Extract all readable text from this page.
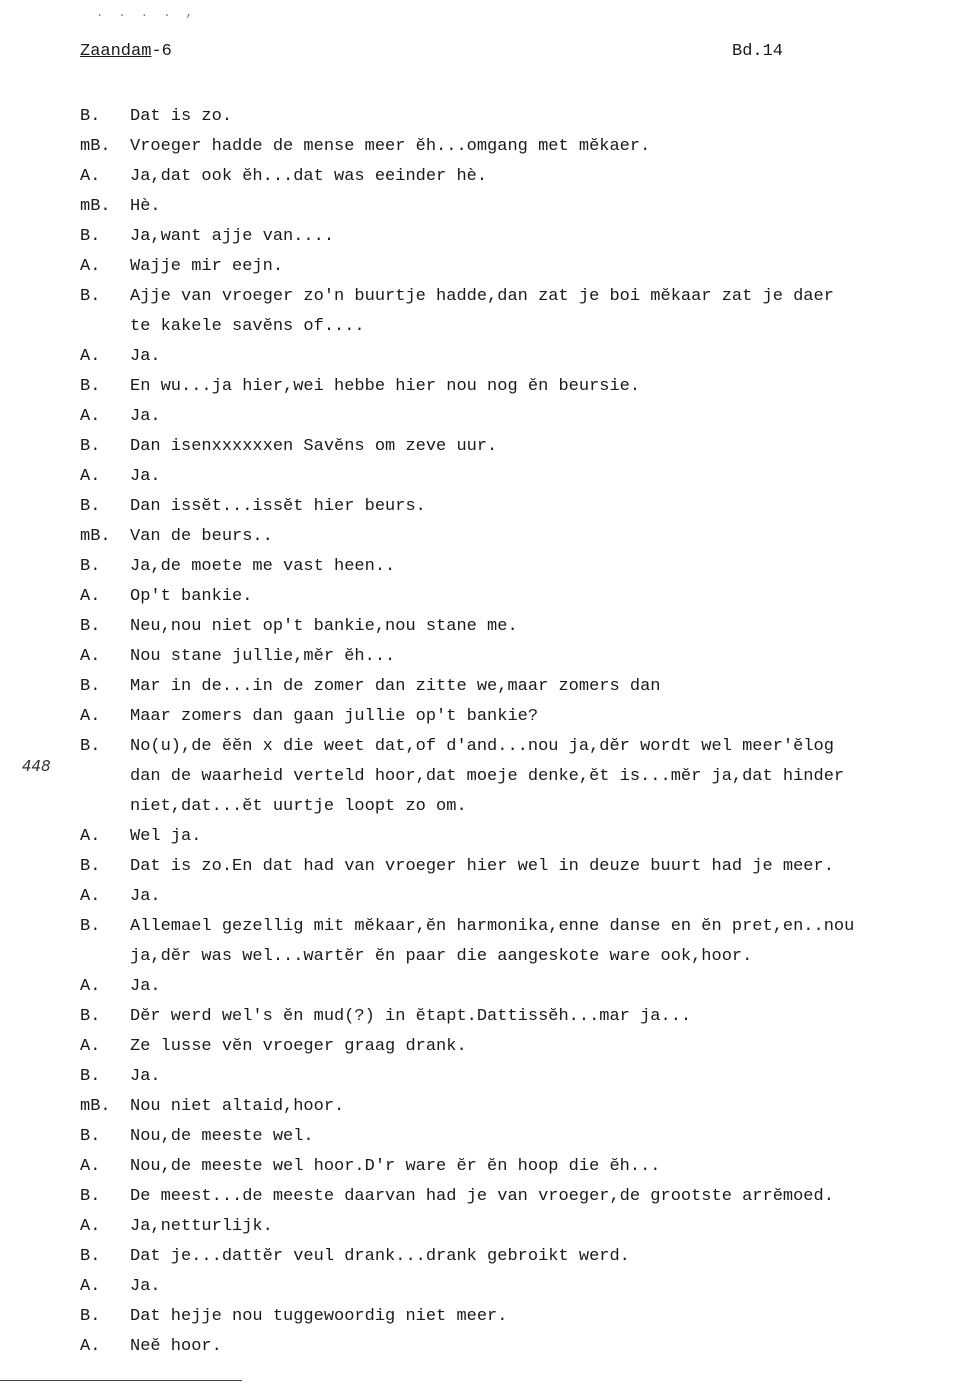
. . . . ,
Zaandam-6	Bd.14
448
B.	Dat is zo.
mB.	Vroeger hadde de mense meer ĕh...omgang met mĕkaer.
A.	Ja,dat ook ĕh...dat was eeinder hè.
mB.	Hè.
B.	Ja,want ajje van....
A.	Wajje mir eejn.
B.	Ajje van vroeger zo'n buurtje hadde,dan zat je boi mĕkaar zat je daer
te kakele savĕns of....
A.	Ja.
B.	En wu...ja hier,wei hebbe hier nou nog ĕn beursie.
A.	Ja.
B.	Dan isenxxxxxxen Savĕns om zeve uur.
A.	Ja.
B.	Dan issĕt...issĕt hier beurs.
mB.	Van de beurs..
B.	Ja,de moete me vast heen..
A.	Op't bankie.
B.	Neu,nou niet op't bankie,nou stane me.
A.	Nou stane jullie,mĕr ĕh...
B.	Mar in de...in de zomer dan zitte we,maar zomers dan
A.	Maar zomers dan gaan jullie op't bankie?
B.	No(u),de ĕĕn x die weet dat,of d'and...nou ja,dĕr wordt wel meer'ĕlog
dan de waarheid verteld hoor,dat moeje denke,ĕt is...mĕr ja,dat hinder
niet,dat...ĕt uurtje loopt zo om.
A.	Wel ja.
B.	Dat is zo.En dat had van vroeger hier wel in deuze buurt had je meer.
A.	Ja.
B.	Allemael gezellig mit mĕkaar,ĕn harmonika,enne danse en ĕn pret,en..nou
ja,dĕr was wel...wartĕr ĕn paar die aangeskote ware ook,hoor.
A.	Ja.
B.	Dĕr werd wel's ĕn mud(?) in ĕtapt.Dattissĕh...mar ja...
A.	Ze lusse vĕn vroeger graag drank.
B.	Ja.
mB.	Nou niet altaid,hoor.
B.	Nou,de meeste wel.
A.	Nou,de meeste wel hoor.D'r ware ĕr ĕn hoop die ĕh...
B.	De meest...de meeste daarvan had je van vroeger,de grootste arrĕmoed.
A.	Ja,netturlijk.
B.	Dat je...dattĕr veul drank...drank gebroikt werd.
A.	Ja.
B.	Dat hejje nou tuggewoordig niet meer.
A.	Neĕ hoor.
